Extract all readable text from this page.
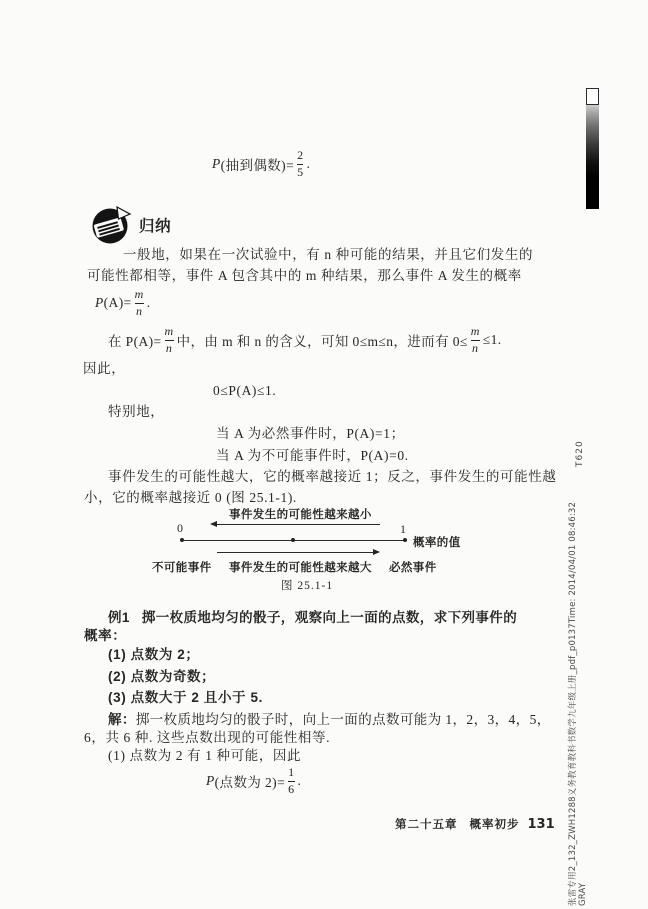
P (抽到偶数)= $\frac{2}{5}$ .
归纳
一般地，如果在一次试验中，有 n 种可能的结果，并且它们发生的
可能性都相等，事件 A 包含其中的 m 种结果，那么事件 A 发生的概率
P $(A)= \frac{m}{n}$ .
在 $P(A)= \frac{m}{n}$ 中，由 m 和 n 的含义，可知 0≤m≤n，进而有 $0\le \frac{m}{n} \le 1$.
因此，
0≤P(A)≤1.
特别地，
当 A 为必然事件时，P(A)=1；
当 A 为不可能事件时，P(A)=0.
事件发生的可能性越大，它的概率越接近 1；反之，事件发生的可能性越
小，它的概率越接近 0 (图 25.1-1).
事件发生的可能性越来越小
0	1
概率的值
不可能事件 事件发生的可能性越来越大 必然事件
图 25.1-1
例1 掷一枚质地均匀的骰子，观察向上一面的点数，求下列事件的
概率：
(1) 点数为 2；
(2) 点数为奇数；
(3) 点数大于 2 且小于 5.
解： 掷一枚质地均匀的骰子时，向上一面的点数可能为 1，2，3，4，5，
6，共 6 种. 这些点数出现的可能性相等.
(1) 点数为 2 有 1 种可能，因此
P (点数为 $2)= \frac{1}{6}$ .
第二十五章 概率初步 131
T620
张雷专用2_132_ZWH1288义务教育教科书数学九年级上册_pdf_p0137Time: 2014/04/01 08:46:32 GRAY
